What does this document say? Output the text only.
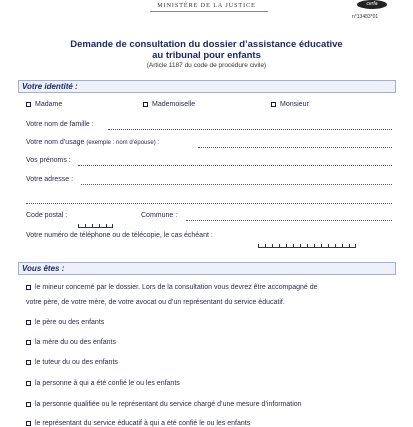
MINISTÈRE DE LA JUSTICE	cerfa
n°13483*01
Demande de consultation du dossier d’assistance éducative
au tribunal pour enfants
(Article 1187 du code de procédure civile)
Votre identité :
Madame	Mademoiselle	Monsieur
Votre nom de famille :
Votre nom d’usage (exemple : nom d’épouse) :
Vos prénoms :
Votre adresse :
Code postal :	Commune :
Votre numéro de téléphone ou de télécopie, le cas échéant :
Vous êtes :
le mineur concerné par le dossier. Lors de la consultation vous devrez être accompagné de
votre père, de votre mère, de votre avocat ou d’un représentant du service éducatif.
le père ou des enfants
la mère du ou des enfants
le tuteur du ou des enfants
la personne à qui a été confié le ou les enfants
la personne qualifiée ou le représentant du service chargé d’une mesure d’information
le représentant du service éducatif à qui a été confié le ou les enfants
